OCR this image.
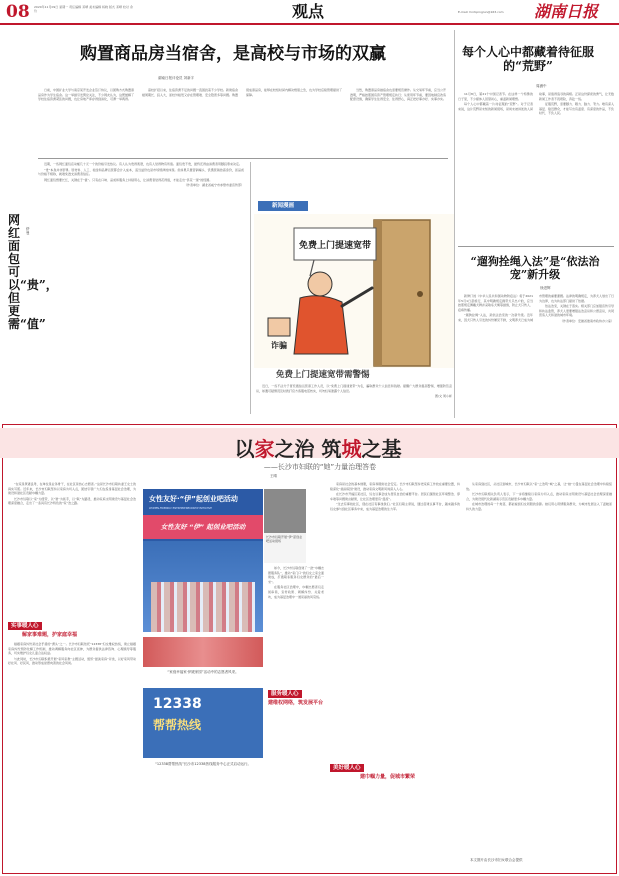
08 2020年11月09日 星期一 责任编辑 邓晴 美术编辑 杨晓 版式 邓晴 校对 余玲	观点	E-mail: hnrbpinglun@163.com 湖南日报
购置商品房当宿舍，是高校与市场的双赢
湖南日报评论员 刘新宇

日前，中国矿业大学与南京某开发企业签订协议，以团购方式购置商品房作为学生宿舍。这一举措引发舆论关注，不少网友认为，这既缓解了学校住宿资源紧张的问题，也让房地产库存得到消化，可谓一举两得。

高校扩招以来，住宿资源不足的问题一直困扰着不少学校。新建宿舍楼周期长、投入大，而校外租赁又存在管理难、安全隐患多等问题。购置现成商品房，能够在较短时间内解决燃眉之急，也为学校后续管理提供了保障。

当然，购置商品房做宿舍也需要规范操作。从交易环节看，应当公开透明，严格按照国有资产管理规定执行；从使用环节看，要因地制宜改造配套设施，确保学生住得安全、住得舒心，真正把好事办好、实事办实。

网红面包可以“贵”，但更需“值”
舒曼

近期，一些网红面包店动辄几十元一个的价格引发热议。有人认为贵得离谱，也有人觉得物有所值。面包贵不贵，最终还得由消费者用脚投票来决定。

“贵”本身并非原罪。原材料、人工、租金和品牌运营都会计入成本，适当溢价也是市场规律的体现。但如果只靠营销噱头、饥饿营销抬高身价，而品质与价格不相称，就难免透支消费者信任。

网红面包想要长红，关键在于“值”。只有在口味、品质和服务上持续用心，让消费者觉得花得值，才能走出“昙花一现”的怪圈。

（作者单位：湖北省咸宁市赤壁市委宣传部）

新闻漫画
免费上门提速宽带
诈骗
免费上门提速宽带需警惕

近日，一些不法分子冒充通信运营商工作人员，以“免费上门提速宽带”为名，骗取群众个人信息和钱财。提醒广大群众提高警惕，增强防范意识，如遇可疑情况及时拨打官方客服电话核实，切勿轻易泄露个人信息。

图/文 周小彬

每个人心中都藏着待征服的“荒野”
周涵中

11月8日，第21个中国记者节。在这样一个特殊的日子里，不少媒体人回望初心，重温新闻理想。

每个人心中都藏着一片待征服的“荒野”。对于记者来说，这片荒野是未知的新闻现场，是尚未被讲述的人间故事，是值得追寻的真相。正是这份探索的勇气，让无数新闻工作者不畏艰险，奔赴一线。

征服荒野，需要脚力、眼力、脑力、笔力。唯有深入基层、贴近群众，才能写出有温度、有深度的作品，不负时代、不负人民。

“遛狗拴绳入法”是“依法治宠”新升级
徐进辉

新修订的《中华人民共和国动物防疫法》将于2021年5月1日起施行，其中明确规定携带犬只出户的，应当按照规定佩戴犬牌并采取系犬绳等措施，防止犬只伤人、疫病传播。

“遛狗拴绳”入法，是依法治宠的一次新升级。近年来，因犬只伤人引发的纠纷屡见不鲜，文明养犬已成为城市管理的重要课题。法律的明确规定，为养犬人划出了行为边界，也为执法部门提供了依据。

依法治宠，关键在于落实。相关部门应加强宣传引导和执法监管，养犬人更要增强法治意识和公德意识，共同营造人犬和谐的城市环境。

（作者单位：安徽省淮南市政协办公室）

以家之治 筑城之基
——长沙市妇联的“她”力量治理答卷
王晴

“在家是贤妻良母，在单位是业务骨干，在社区是热心志愿者。”这是长沙市妇联执委王女士的真实写照。近年来，长沙市妇联坚持以家庭为切入点，团结引领广大妇女投身基层社会治理，为建设和谐社区贡献巾帼力量。

长沙市妇联以“家”为纽带，以“智”为抓手，以“联”为路径，推动家庭文明建设与基层社会治理深度融合，走出了一条具有长沙特色的“家”治之路。

实事暖人心
解家事难题，护家庭幸福

婚姻家庭纠纷是社会矛盾的“源头”之一。长沙市妇联依托“12338”妇女维权热线，建立婚姻家庭纠纷预防化解工作机制，推动调解服务向社区延伸，为群众提供法律咨询、心理疏导等服务，切实维护妇女儿童合法权益。

与此同时，长沙市妇联积极开展“家风家教”主题活动，组织“最美家庭”评选，以好家风带动好社风、好民风，推动形成崇德向善的社会风尚。

女性友好·“伊”起创业吧活动
WOMEN-FRIENDLY ENTREPRENEURSHIP INITIATIVE
女性友好 “伊” 起创业吧活动
长沙市妇联开展“伊”起创业吧活动现场
“家庭幸福家·伊媛家园”活动中的志愿者风采。
12338
帮帮热线
“12338帮帮热线”长沙市12338热线服务中心正式启动运行。

如今，长沙市妇联创建了一批“巾帼志愿服务队”，推动“家门口”的妇女之家全面建成，打通联系服务妇女群众的“最后一米”。

在服务社区治理中，巾帼志愿者们走街串巷，宣传政策、调解纠纷、关爱老幼，成为基层治理中一道亮丽的风景线。

服务暖人心
建维权网络，筑发展平台

家庭是社会的基本细胞，家庭和睦则社会安定。长沙市妇联坚持把家庭工作放在重要位置，持续深化“美丽家园”建设，推动家庭文明新风尚深入人心。

在长沙市开福区某社区，妇女议事会成为居民自治的重要平台。居民们围绕社区环境整治、停车难等问题建言献策，让社区治理更有“温度”。

“过去有事找社区，现在社区有事找我们。”社区妇联主席说，通过搭建议事平台，越来越多的妇女参与到社区事务中来，成为基层治理的生力军。

美好暖人心
建巾帼力量，促城市繁荣

从家庭到社区，从社区到城市，长沙市妇联以“家”之治筑“城”之基，让“她”力量在基层社会治理中持续绽放。

长沙市妇联相关负责人表示，下一步将继续以家庭为切入点，推动家庭文明建设与基层社会治理深度融合，为建设现代化新湖南示范区贡献更多巾帼力量。

在城市治理的每一个角落，都能看到妇女同胞的身影。她们用心用情服务群众，为城市发展注入了温暖而持久的力量。

本文图片由长沙市妇女联合会提供
